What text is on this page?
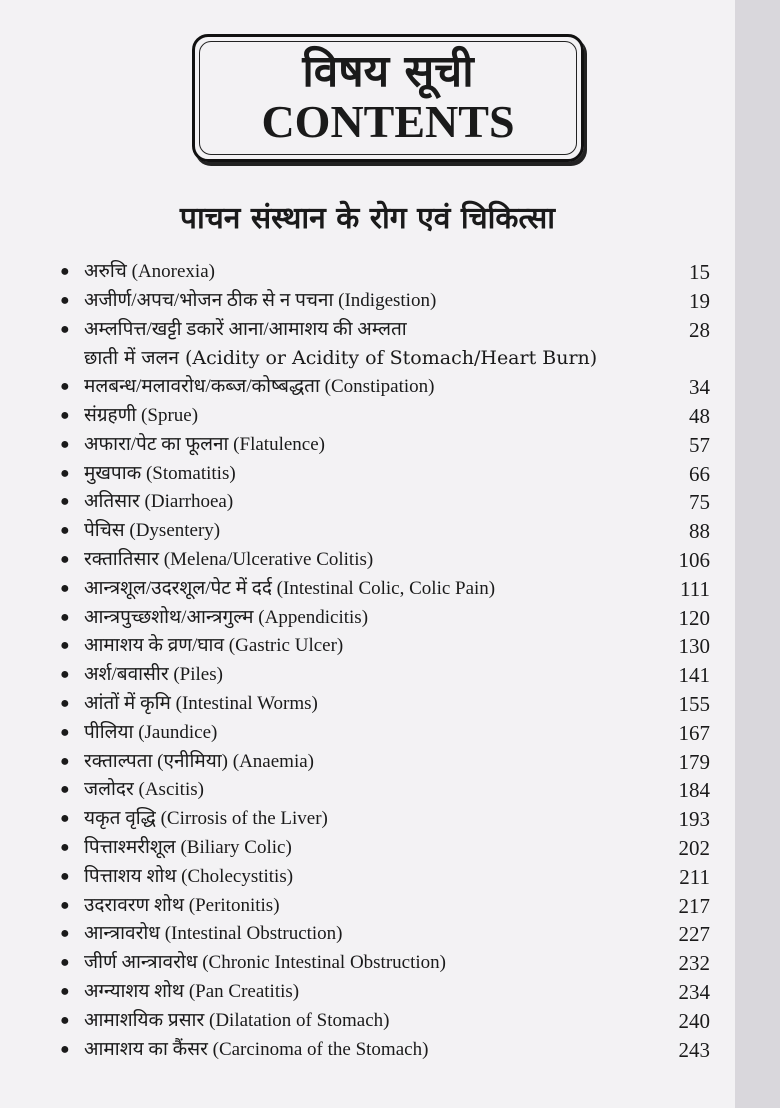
विषय सूची
CONTENTS
पाचन संस्थान के रोग एवं चिकित्सा
● अरुचि (Anorexia)	15
● अजीर्ण/अपच/भोजन ठीक से न पचना (Indigestion)	19
● अम्लपित्त/खट्टी डकारें आना/आमाशय की अम्लता	28
छाती में जलन (Acidity or Acidity of Stomach/Heart Burn)
● मलबन्ध/मलावरोध/कब्ज/कोष्बद्धता (Constipation)	34
● संग्रहणी (Sprue)	48
● अफारा/पेट का फूलना (Flatulence)	57
● मुखपाक (Stomatitis)	66
● अतिसार (Diarrhoea)	75
● पेचिस (Dysentery)	88
● रक्तातिसार (Melena/Ulcerative Colitis)	106
● आन्त्रशूल/उदरशूल/पेट में दर्द (Intestinal Colic, Colic Pain)	111
● आन्त्रपुच्छशोथ/आन्त्रगुल्म (Appendicitis)	120
● आमाशय के व्रण/घाव (Gastric Ulcer)	130
● अर्श/बवासीर (Piles)	141
● आंतों में कृमि (Intestinal Worms)	155
● पीलिया (Jaundice)	167
● रक्ताल्पता (एनीमिया) (Anaemia)	179
● जलोदर (Ascitis)	184
● यकृत वृद्धि (Cirrosis of the Liver)	193
● पित्ताश्मरीशूल (Biliary Colic)	202
● पित्ताशय शोथ (Cholecystitis)	211
● उदरावरण शोथ (Peritonitis)	217
● आन्त्रावरोध (Intestinal Obstruction)	227
● जीर्ण आन्त्रावरोध (Chronic Intestinal Obstruction)	232
● अग्न्याशय शोथ (Pan Creatitis)	234
● आमाशयिक प्रसार (Dilatation of Stomach)	240
● आमाशय का कैंसर (Carcinoma of the Stomach)	243
